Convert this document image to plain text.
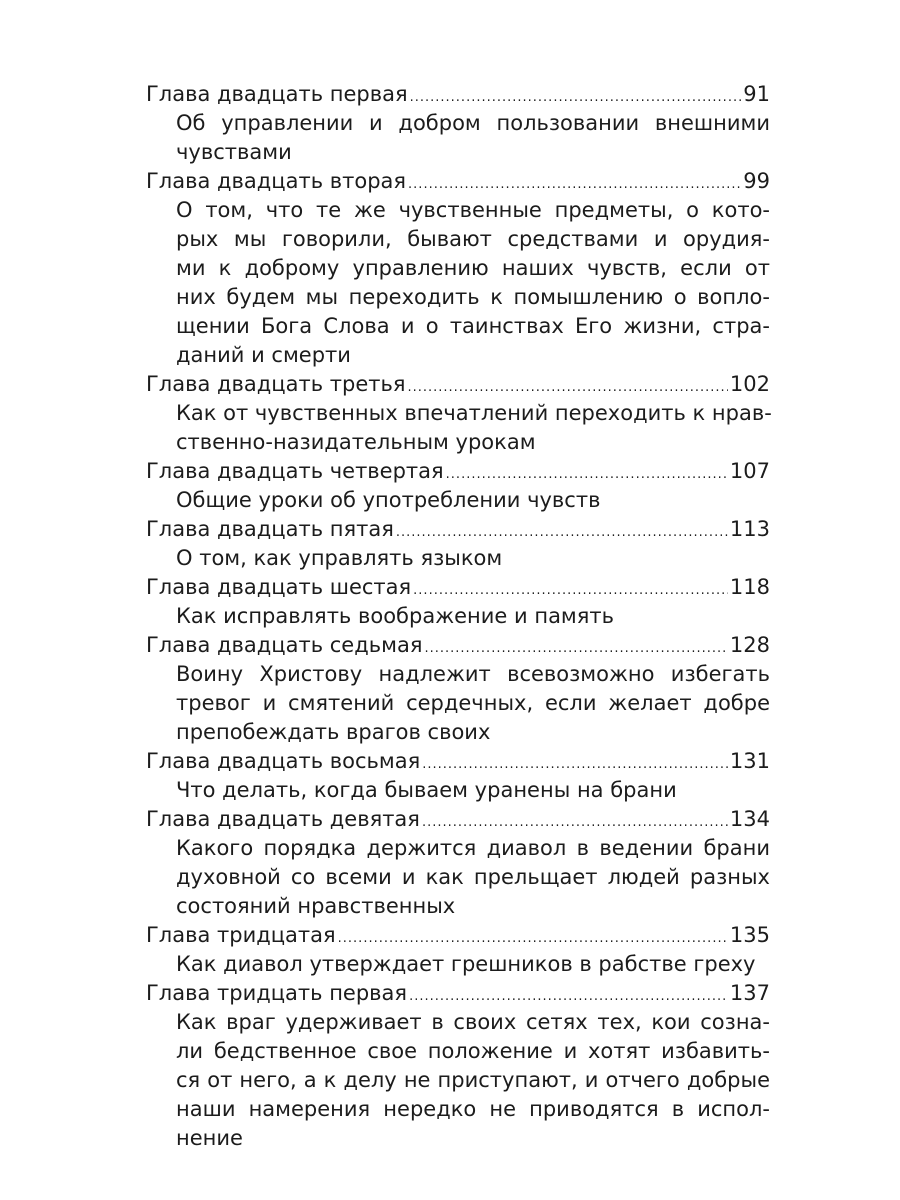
Глава двадцать первая .....	91
Об управлении и добром пользовании внешними
чувствами
Глава двадцать вторая .....	99
О том, что те же чувственные предметы, о кото-
рых мы говорили, бывают средствами и орудия-
ми к доброму управлению наших чувств, если от
них будем мы переходить к помышлению о вопло-
щении Бога Слова и о таинствах Его жизни, стра-
даний и смерти
Глава двадцать третья .....	102
Как от чувственных впечатлений переходить к нрав-
ственно-назидательным урокам
Глава двадцать четвертая .....	107
Общие уроки об употреблении чувств
Глава двадцать пятая .....	113
О том, как управлять языком
Глава двадцать шестая .....	118
Как исправлять воображение и память
Глава двадцать седьмая .....	128
Воину Христову надлежит всевозможно избегать
тревог и смятений сердечных, если желает добре
препобеждать врагов своих
Глава двадцать восьмая .....	131
Что делать, когда бываем уранены на брани
Глава двадцать девятая .....	134
Какого порядка держится диавол в ведении брани
духовной со всеми и как прельщает людей разных
состояний нравственных
Глава тридцатая .....	135
Как диавол утверждает грешников в рабстве греху
Глава тридцать первая .....	137
Как враг удерживает в своих сетях тех, кои созна-
ли бедственное свое положение и хотят избавить-
ся от него, а к делу не приступают, и отчего добрые
наши намерения нередко не приводятся в испол-
нение
